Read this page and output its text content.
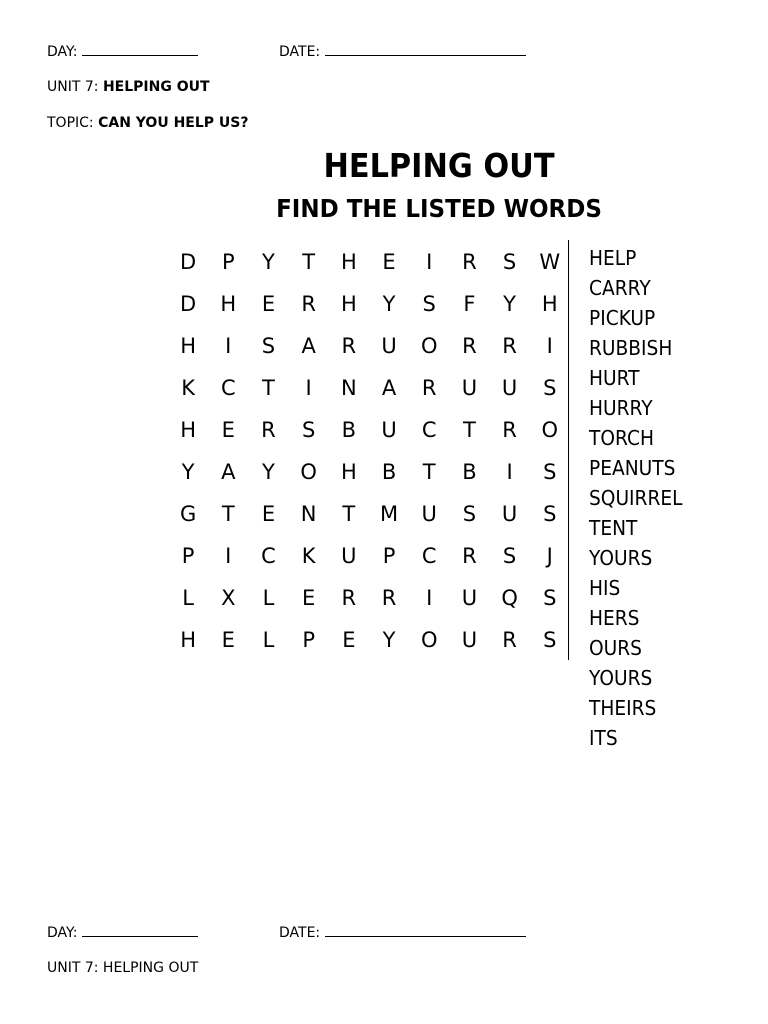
DAY:	DATE:
UNIT 7: HELPING OUT
TOPIC: CAN YOU HELP US?
HELPING OUT
FIND THE LISTED WORDS
D	P	Y	T	H	E	I	R	S	W
D	H	E	R	H	Y	S	F	Y	H
H	I	S	A	R	U	O	R	R	I
K	C	T	I	N	A	R	U	U	S
H	E	R	S	B	U	C	T	R	O
Y	A	Y	O	H	B	T	B	I	S
G	T	E	N	T	M	U	S	U	S
P	I	C	K	U	P	C	R	S	J
L	X	L	E	R	R	I	U	Q	S
H	E	L	P	E	Y	O	U	R	S
HELP
CARRY
PICKUP
RUBBISH
HURT
HURRY
TORCH
PEANUTS
SQUIRREL
TENT
YOURS
HIS
HERS
OURS
YOURS
THEIRS
ITS
DAY:	DATE:
UNIT 7: HELPING OUT
